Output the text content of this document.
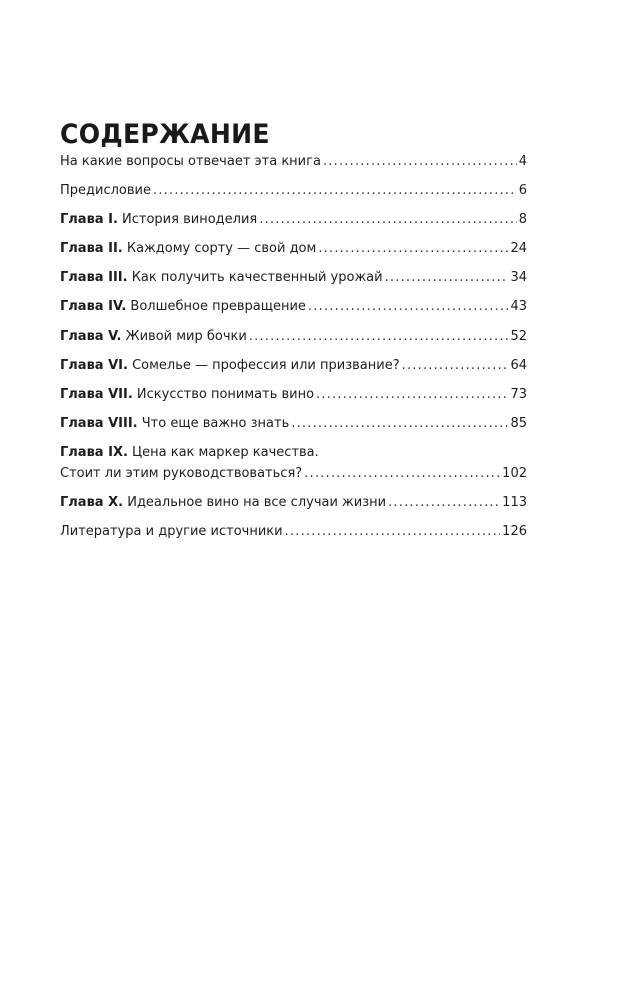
СОДЕРЖАНИЕ
На какие вопросы отвечает эта книга .....	4
Предисловие .....	6
Глава I. История виноделия .....	8
Глава II. Каждому сорту — свой дом .....	24
Глава III. Как получить качественный урожай .....	34
Глава IV. Волшебное превращение .....	43
Глава V. Живой мир бочки .....	52
Глава VI. Сомелье — профессия или призвание? .....	64
Глава VII. Искусство понимать вино .....	73
Глава VIII. Что еще важно знать .....	85
Глава IX. Цена как маркер качества.
Стоит ли этим руководствоваться? .....	102
Глава X. Идеальное вино на все случаи жизни .....	113
Литература и другие источники .....	126
